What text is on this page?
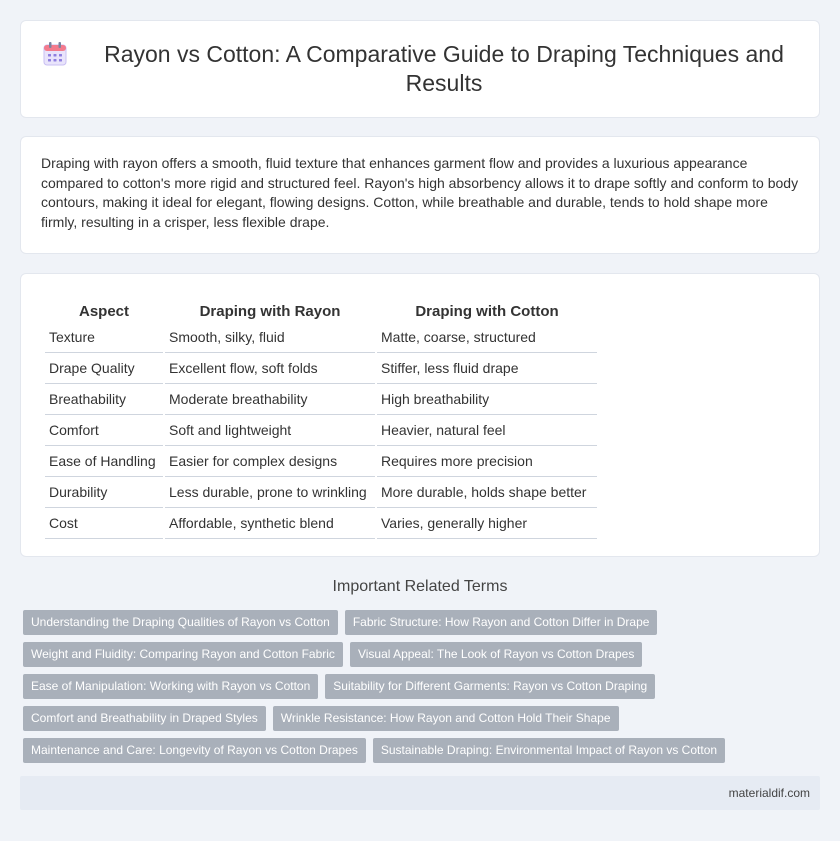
Rayon vs Cotton: A Comparative Guide to Draping Techniques and Results

Draping with rayon offers a smooth, fluid texture that enhances garment flow and provides a luxurious appearance compared to cotton's more rigid and structured feel. Rayon's high absorbency allows it to drape softly and conform to body contours, making it ideal for elegant, flowing designs. Cotton, while breathable and durable, tends to hold shape more firmly, resulting in a crisper, less flexible drape.

Aspect	Draping with Rayon	Draping with Cotton
Texture	Smooth, silky, fluid	Matte, coarse, structured
Drape Quality	Excellent flow, soft folds	Stiffer, less fluid drape
Breathability	Moderate breathability	High breathability
Comfort	Soft and lightweight	Heavier, natural feel
Ease of Handling	Easier for complex designs	Requires more precision
Durability	Less durable, prone to wrinkling	More durable, holds shape better
Cost	Affordable, synthetic blend	Varies, generally higher
Important Related Terms
Understanding the Draping Qualities of Rayon vs Cotton	Fabric Structure: How Rayon and Cotton Differ in Drape
Weight and Fluidity: Comparing Rayon and Cotton Fabric	Visual Appeal: The Look of Rayon vs Cotton Drapes
Ease of Manipulation: Working with Rayon vs Cotton	Suitability for Different Garments: Rayon vs Cotton Draping
Comfort and Breathability in Draped Styles	Wrinkle Resistance: How Rayon and Cotton Hold Their Shape
Maintenance and Care: Longevity of Rayon vs Cotton Drapes	Sustainable Draping: Environmental Impact of Rayon vs Cotton
materialdif.com
